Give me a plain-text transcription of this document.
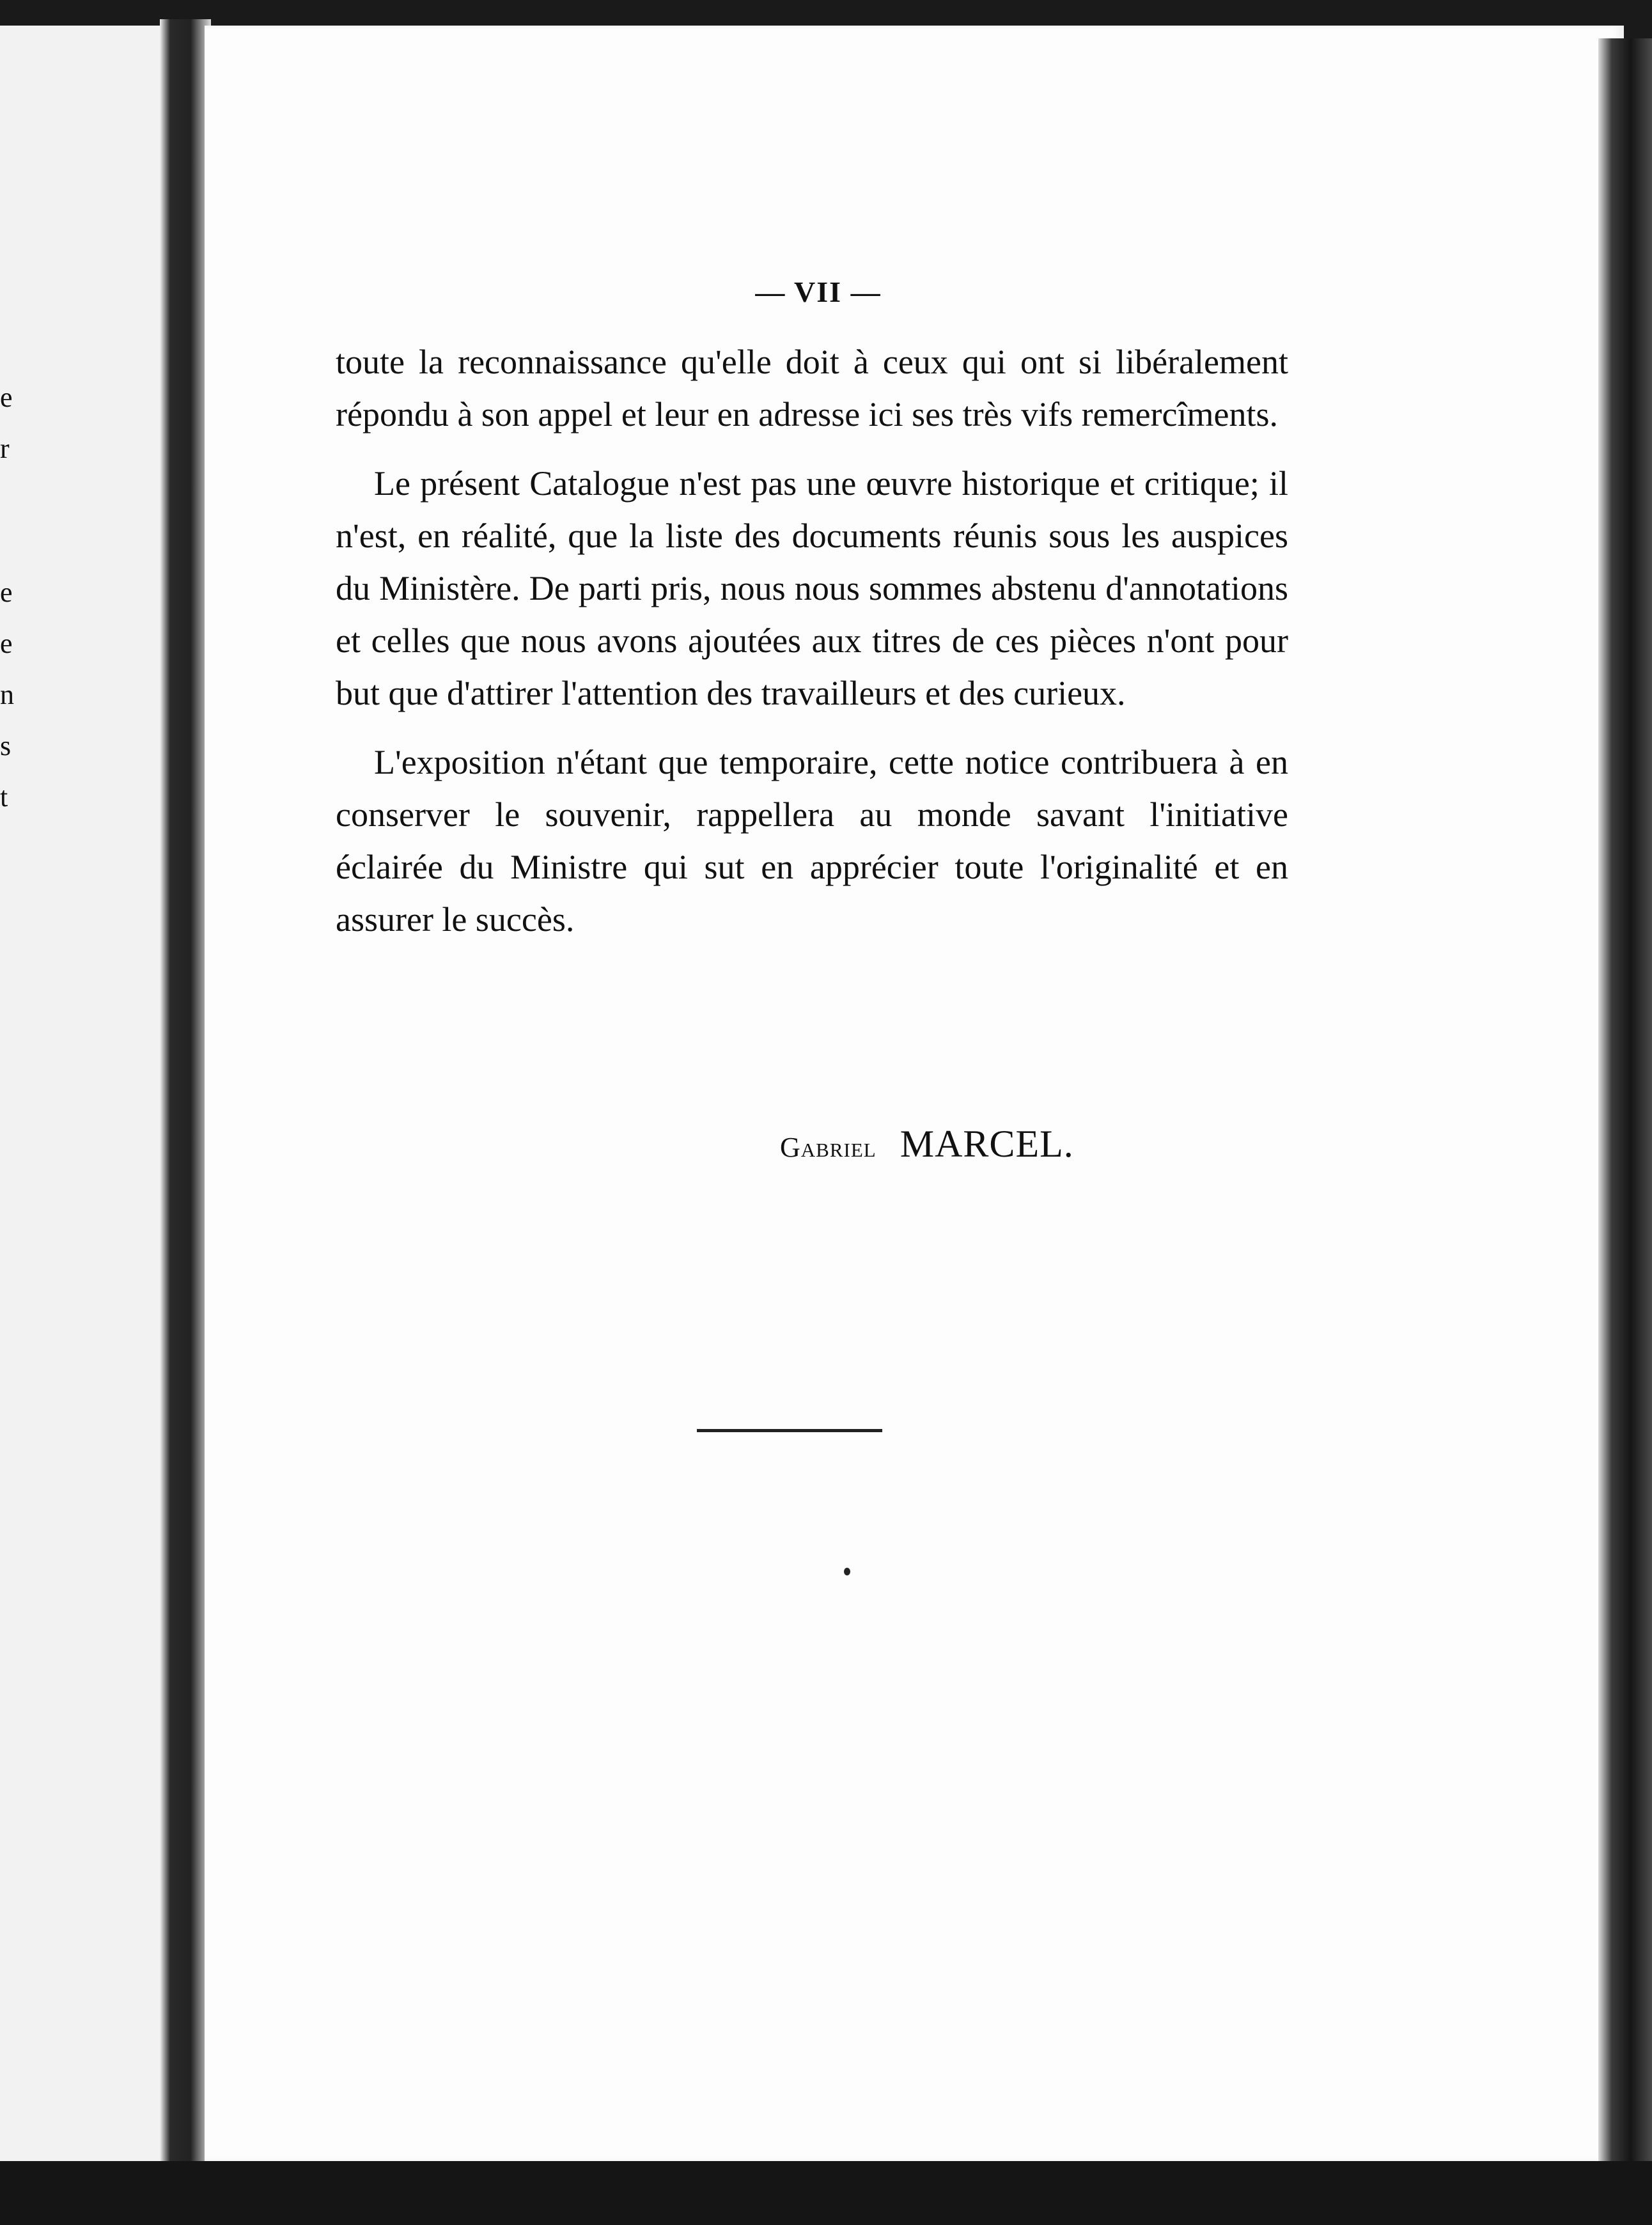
e
r
e
e
n
s
t
— VII —

toute la reconnaissance qu'elle doit à ceux qui ont si libéralement répondu à son appel et leur en adresse ici ses très vifs remercîments.

Le présent Catalogue n'est pas une œuvre historique et critique; il n'est, en réalité, que la liste des documents réunis sous les auspices du Ministère. De parti pris, nous nous sommes abstenu d'annotations et celles que nous avons ajoutées aux titres de ces pièces n'ont pour but que d'attirer l'attention des travailleurs et des curieux.

L'exposition n'étant que temporaire, cette notice contribuera à en conserver le souvenir, rappellera au monde savant l'initiative éclairée du Ministre qui sut en apprécier toute l'originalité et en assurer le succès.

Gabriel MARCEL.
